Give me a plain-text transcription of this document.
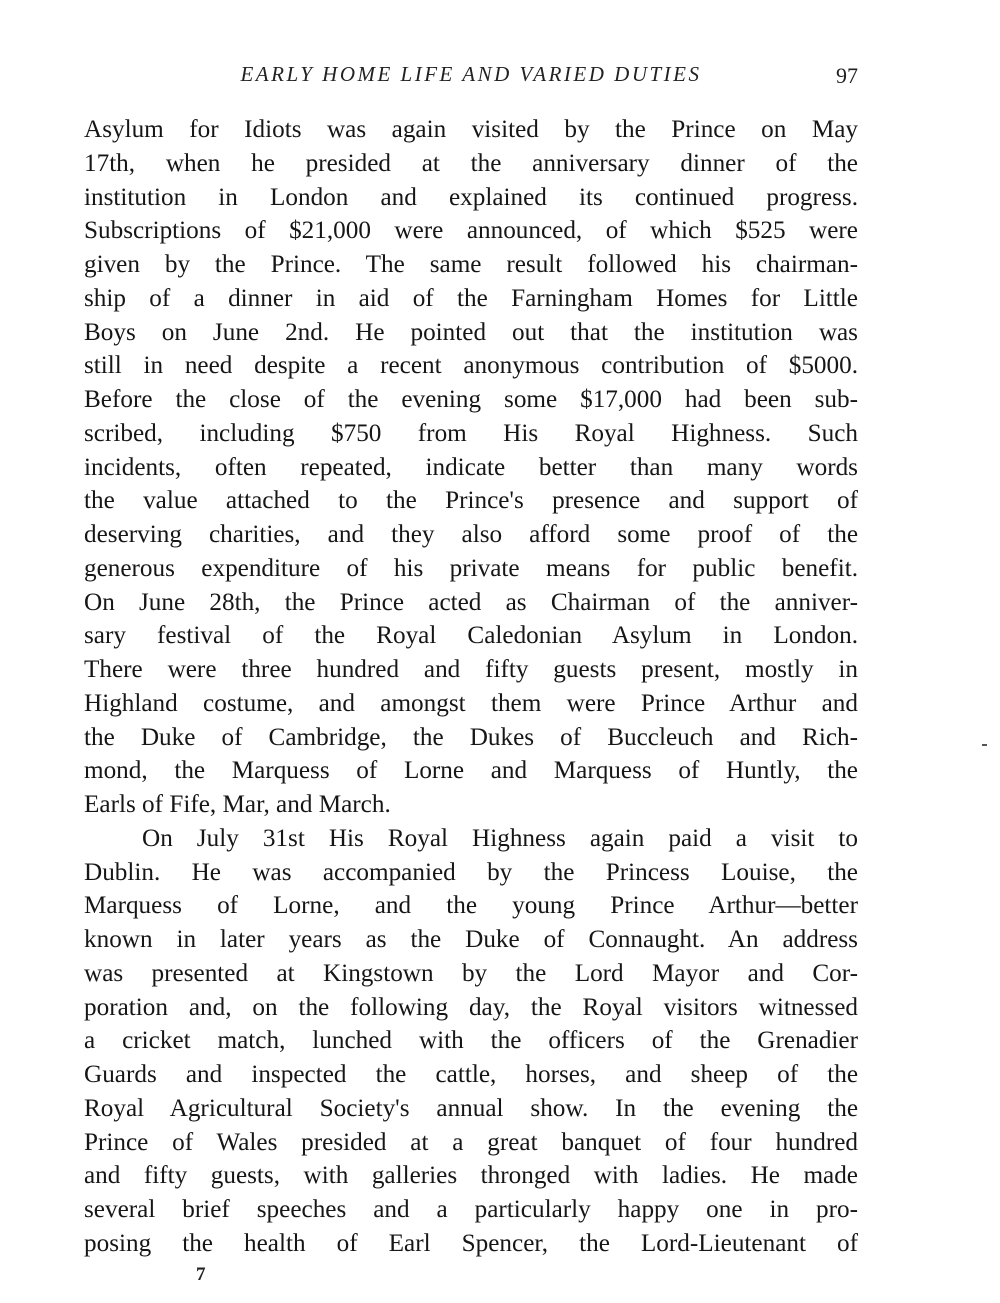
EARLY HOME LIFE AND VARIED DUTIES	97
Asylum for Idiots was again visited by the Prince on May
17th, when he presided at the anniversary dinner of the
institution in London and explained its continued progress.
Subscriptions of $21,000 were announced, of which $525 were
given by the Prince. The same result followed his chairman-
ship of a dinner in aid of the Farningham Homes for Little
Boys on June 2nd. He pointed out that the institution was
still in need despite a recent anonymous contribution of $5000.
Before the close of the evening some $17,000 had been sub-
scribed, including $750 from His Royal Highness. Such
incidents, often repeated, indicate better than many words
the value attached to the Prince's presence and support of
deserving charities, and they also afford some proof of the
generous expenditure of his private means for public benefit.
On June 28th, the Prince acted as Chairman of the anniver-
sary festival of the Royal Caledonian Asylum in London.
There were three hundred and fifty guests present, mostly in
Highland costume, and amongst them were Prince Arthur and
the Duke of Cambridge, the Dukes of Buccleuch and Rich-
mond, the Marquess of Lorne and Marquess of Huntly, the
Earls of Fife, Mar, and March.
On July 31st His Royal Highness again paid a visit to
Dublin. He was accompanied by the Princess Louise, the
Marquess of Lorne, and the young Prince Arthur—better
known in later years as the Duke of Connaught. An address
was presented at Kingstown by the Lord Mayor and Cor-
poration and, on the following day, the Royal visitors witnessed
a cricket match, lunched with the officers of the Grenadier
Guards and inspected the cattle, horses, and sheep of the
Royal Agricultural Society's annual show. In the evening the
Prince of Wales presided at a great banquet of four hundred
and fifty guests, with galleries thronged with ladies. He made
several brief speeches and a particularly happy one in pro-
posing the health of Earl Spencer, the Lord-Lieutenant of
7
